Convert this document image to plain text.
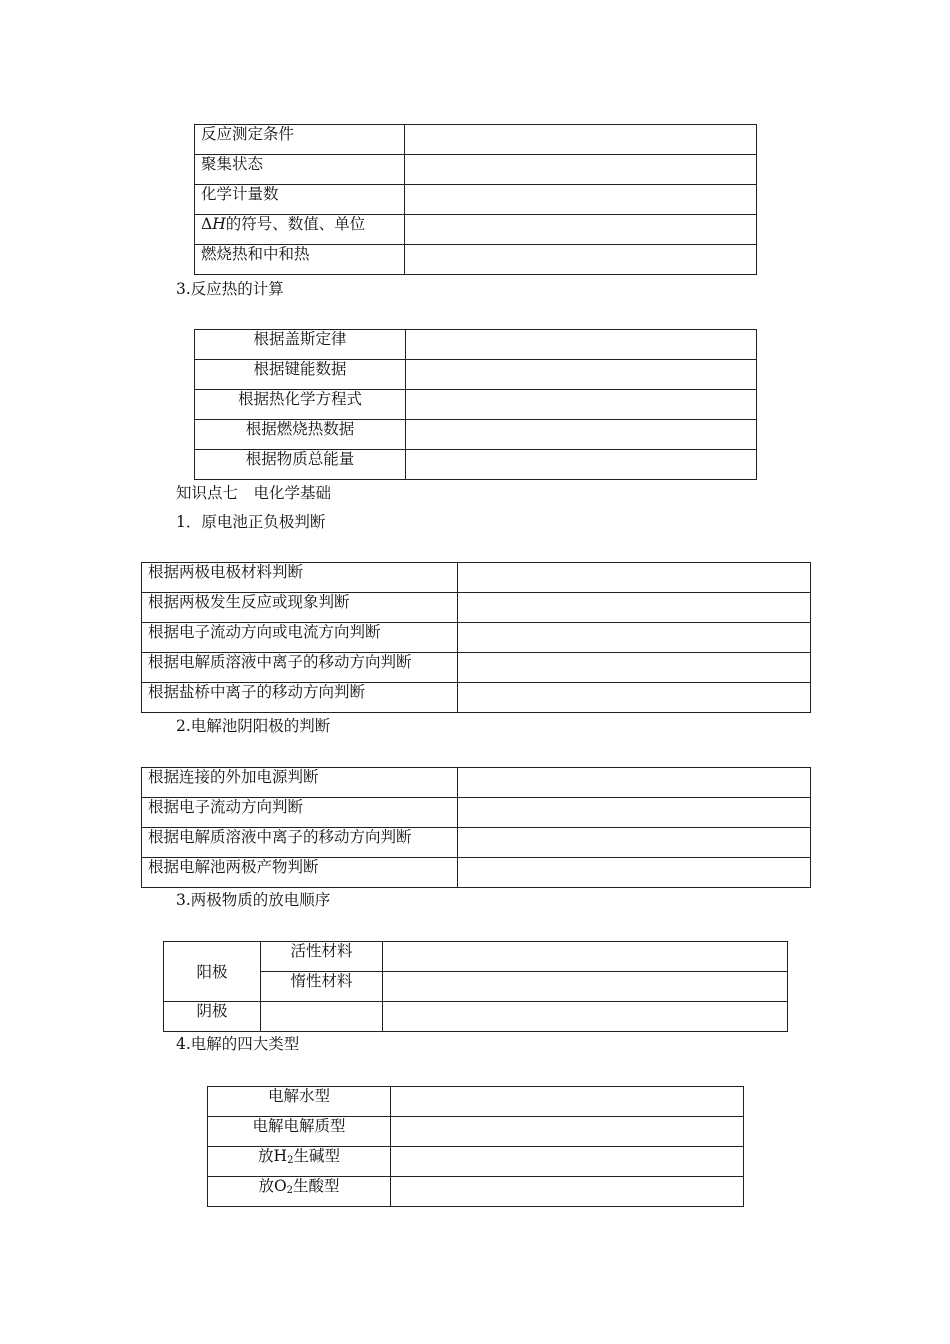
反应测定条件	
聚集状态	
化学计量数	
ΔH的符号、数值、单位	
燃烧热和中和热	
3.反应热的计算
根据盖斯定律	
根据键能数据	
根据热化学方程式	
根据燃烧热数据	
根据物质总能量	
知识点七　电化学基础
1．原电池正负极判断
根据两极电极材料判断	
根据两极发生反应或现象判断	
根据电子流动方向或电流方向判断	
根据电解质溶液中离子的移动方向判断	
根据盐桥中离子的移动方向判断	
2.电解池阴阳极的判断
根据连接的外加电源判断	
根据电子流动方向判断	
根据电解质溶液中离子的移动方向判断	
根据电解池两极产物判断	
3.两极物质的放电顺序
阳极	活性材料	
	惰性材料	
阴极		
4.电解的四大类型
电解水型	
电解电解质型	
放$H_2$生碱型	
放$O_2$生酸型	
